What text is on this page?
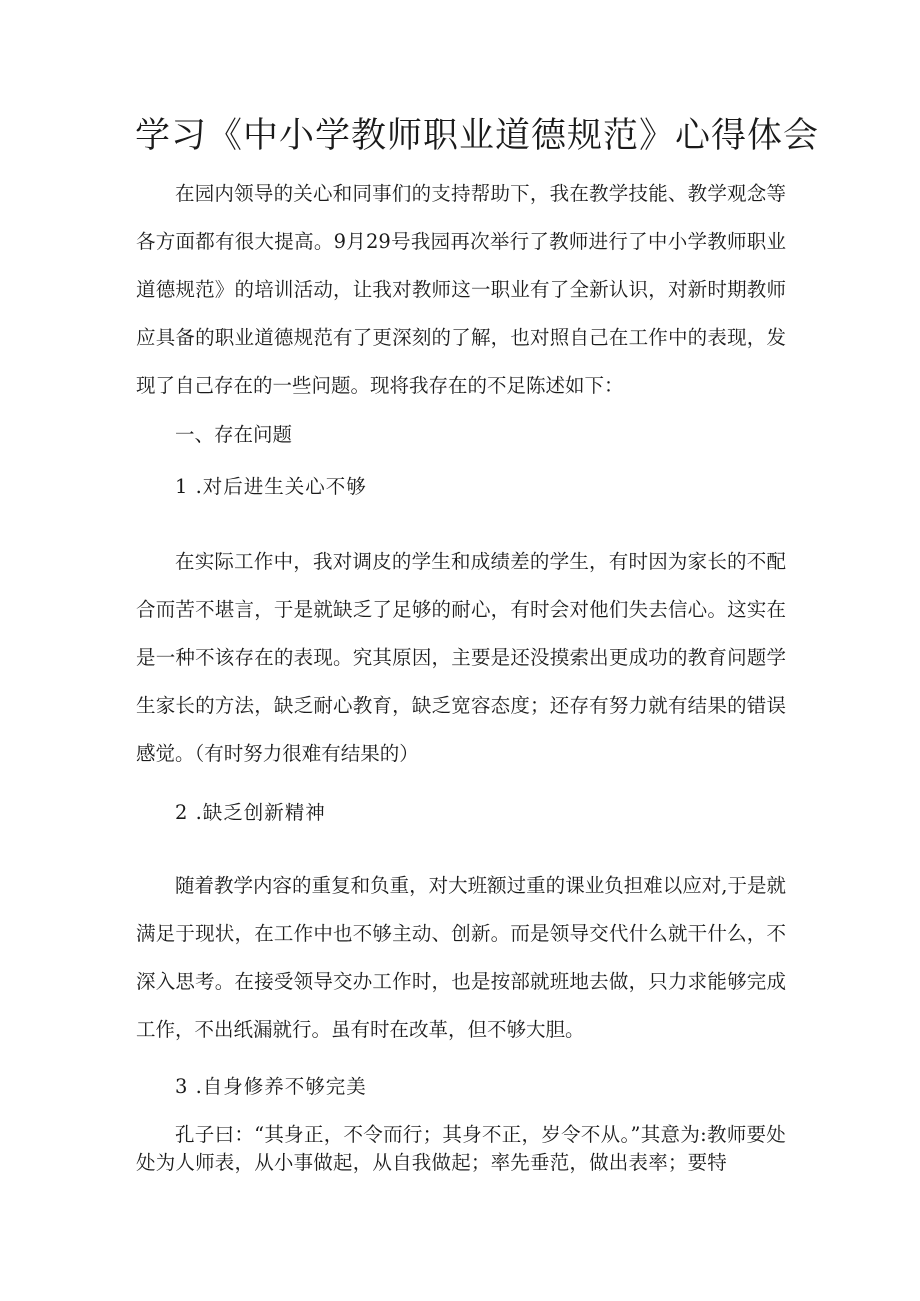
学习《中小学教师职业道德规范》心得体会

在园内领导的关心和同事们的支持帮助下，我在教学技能、教学观念等各方面都有很大提高。9月29号我园再次举行了教师进行了中小学教师职业道德规范》的培训活动，让我对教师这一职业有了全新认识，对新时期教师应具备的职业道德规范有了更深刻的了解，也对照自己在工作中的表现，发现了自己存在的一些问题。现将我存在的不足陈述如下：

一、存在问题

1 .对后进生关心不够

在实际工作中，我对调皮的学生和成绩差的学生，有时因为家长的不配合而苦不堪言，于是就缺乏了足够的耐心，有时会对他们失去信心。这实在是一种不该存在的表现。究其原因，主要是还没摸索出更成功的教育问题学生家长的方法，缺乏耐心教育，缺乏宽容态度；还存有努力就有结果的错误感觉。（有时努力很难有结果的）

2 .缺乏创新精神

随着教学内容的重复和负重，对大班额过重的课业负担难以应对,于是就满足于现状，在工作中也不够主动、创新。而是领导交代什么就干什么，不深入思考。在接受领导交办工作时，也是按部就班地去做，只力求能够完成工作，不出纸漏就行。虽有时在改革，但不够大胆。

3 .自身修养不够完美

孔子曰：“其身正，不令而行；其身不正，岁令不从。”其意为:教师要处处为人师表，从小事做起，从自我做起；率先垂范，做出表率；要特
